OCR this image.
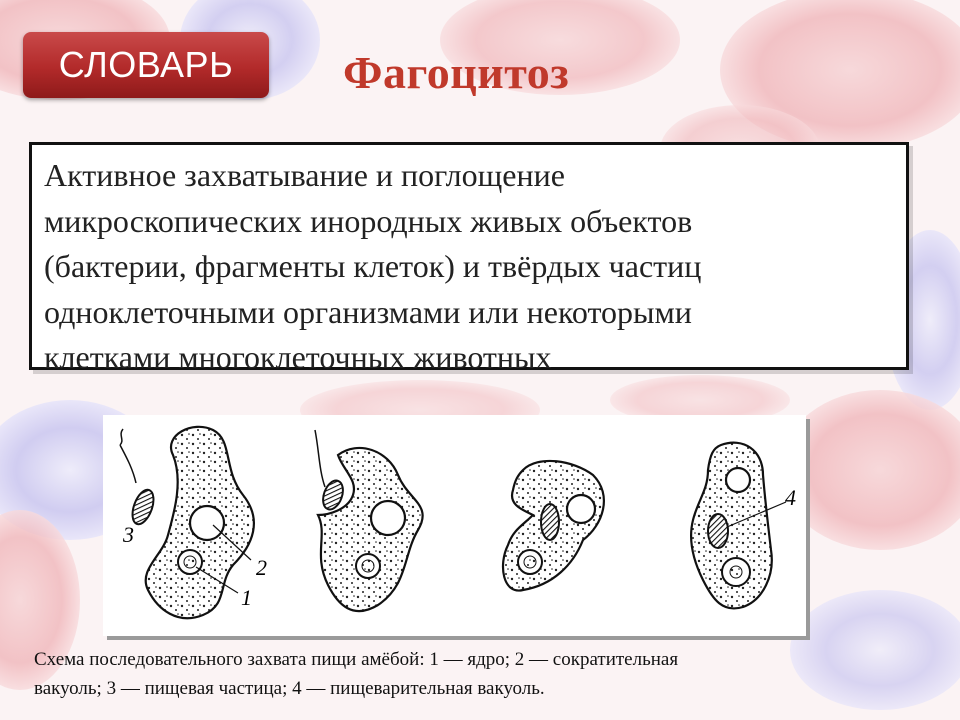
СЛОВАРЬ	Фагоцитоз

Активное захватывание и поглощение

микроскопических инородных живых объектов

(бактерии, фрагменты клеток) и твёрдых частиц

одноклеточными организмами или некоторыми

клетками многоклеточных животных

3
2
1
4
Схема последовательного захвата пищи амёбой: 1 — ядро; 2 — сократительная
вакуоль; 3 — пищевая частица; 4 — пищеварительная вакуоль.
